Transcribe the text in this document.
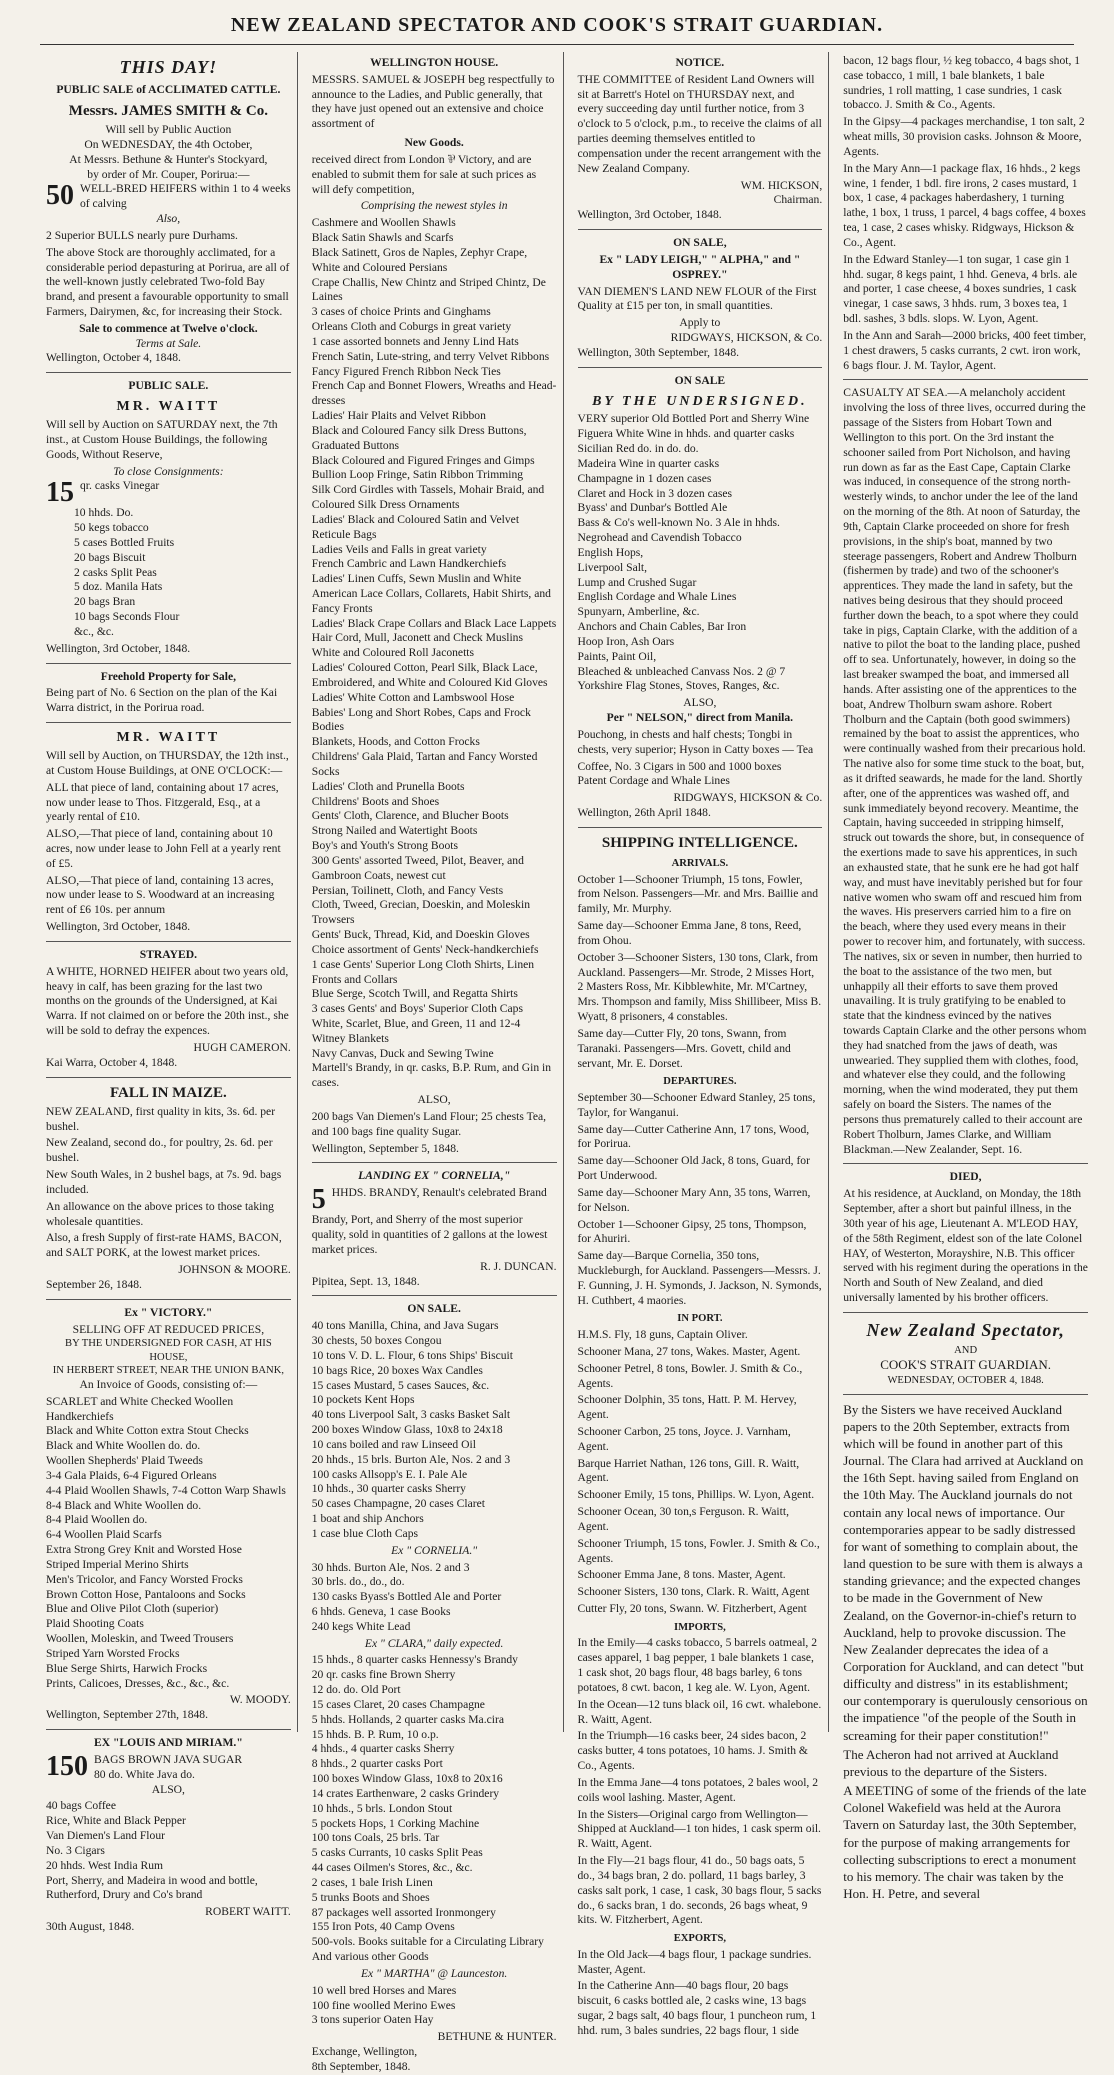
NEW ZEALAND SPECTATOR AND COOK'S STRAIT GUARDIAN.
THIS DAY!
PUBLIC SALE of ACCLIMATED CATTLE.
Messrs. JAMES SMITH & Co.
Will sell by Public Auction
On WEDNESDAY, the 4th October,
At Messrs. Bethune & Hunter's Stockyard,
by order of Mr. Couper, Porirua:—
50 WELL-BRED HEIFERS within 1 to 4 weeks of calving
Also,

2 Superior BULLS nearly pure Durhams.

The above Stock are thoroughly acclimated, for a considerable period depasturing at Porirua, are all of the well-known justly celebrated Two-fold Bay brand, and present a favourable opportunity to small Farmers, Dairymen, &c, for increasing their Stock.

Sale to commence at Twelve o'clock.
Terms at Sale.
Wellington, October 4, 1848.
PUBLIC SALE.
MR. WAITT

Will sell by Auction on SATURDAY next, the 7th inst., at Custom House Buildings, the following Goods, Without Reserve,

To close Consignments:
15 qr. casks Vinegar
10 hhds. Do.
50 kegs tobacco
5 cases Bottled Fruits
20 bags Biscuit
2 casks Split Peas
5 doz. Manila Hats
20 bags Bran
10 bags Seconds Flour
&c., &c.
Wellington, 3rd October, 1848.
Freehold Property for Sale,

Being part of No. 6 Section on the plan of the Kai Warra district, in the Porirua road.

MR. WAITT

Will sell by Auction, on THURSDAY, the 12th inst., at Custom House Buildings, at ONE O'CLOCK:—

ALL that piece of land, containing about 17 acres, now under lease to Thos. Fitzgerald, Esq., at a yearly rental of £10.

ALSO,—That piece of land, containing about 10 acres, now under lease to John Fell at a yearly rent of £5.

ALSO,—That piece of land, containing 13 acres, now under lease to S. Woodward at an increasing rent of £6 10s. per annum

Wellington, 3rd October, 1848.
STRAYED.

A WHITE, HORNED HEIFER about two years old, heavy in calf, has been grazing for the last two months on the grounds of the Undersigned, at Kai Warra. If not claimed on or before the 20th inst., she will be sold to defray the expences.

HUGH CAMERON.
Kai Warra, October 4, 1848.
FALL IN MAIZE.

NEW ZEALAND, first quality in kits, 3s. 6d. per bushel.

New Zealand, second do., for poultry, 2s. 6d. per bushel.

New South Wales, in 2 bushel bags, at 7s. 9d. bags included.

An allowance on the above prices to those taking wholesale quantities.

Also, a fresh Supply of first-rate HAMS, BACON, and SALT PORK, at the lowest market prices.

JOHNSON & MOORE.
September 26, 1848.
Ex " VICTORY."
SELLING OFF AT REDUCED PRICES,
BY THE UNDERSIGNED FOR CASH, AT HIS HOUSE,
IN HERBERT STREET, NEAR THE UNION BANK,
An Invoice of Goods, consisting of:—
SCARLET and White Checked Woollen Handkerchiefs
Black and White Cotton extra Stout Checks
Black and White Woollen do. do.
Woollen Shepherds' Plaid Tweeds
3-4 Gala Plaids, 6-4 Figured Orleans
4-4 Plaid Woollen Shawls, 7-4 Cotton Warp Shawls
8-4 Black and White Woollen do.
8-4 Plaid Woollen do.
6-4 Woollen Plaid Scarfs
Extra Strong Grey Knit and Worsted Hose
Striped Imperial Merino Shirts
Men's Tricolor, and Fancy Worsted Frocks
Brown Cotton Hose, Pantaloons and Socks
Blue and Olive Pilot Cloth (superior)
Plaid Shooting Coats
Woollen, Moleskin, and Tweed Trousers
Striped Yarn Worsted Frocks
Blue Serge Shirts, Harwich Frocks
Prints, Calicoes, Dresses, &c., &c., &c.
W. MOODY.
Wellington, September 27th, 1848.
EX "LOUIS AND MIRIAM."
150 BAGS BROWN JAVA SUGAR
80 do. White Java do.
ALSO,
40 bags Coffee
Rice, White and Black Pepper
Van Diemen's Land Flour
No. 3 Cigars
20 hhds. West India Rum
Port, Sherry, and Madeira in wood and bottle, Rutherford, Drury and Co's brand
ROBERT WAITT.
30th August, 1848.
WELLINGTON HOUSE.

MESSRS. SAMUEL & JOSEPH beg respectfully to announce to the Ladies, and Public generally, that they have just opened out an extensive and choice assortment of

New Goods.

received direct from London ⅌ Victory, and are enabled to submit them for sale at such prices as will defy competition,

Comprising the newest styles in
Cashmere and Woollen Shawls
Black Satin Shawls and Scarfs
Black Satinett, Gros de Naples, Zephyr Crape, White and Coloured Persians
Crape Challis, New Chintz and Striped Chintz, De Laines
3 cases of choice Prints and Ginghams
Orleans Cloth and Coburgs in great variety
1 case assorted bonnets and Jenny Lind Hats
French Satin, Lute-string, and terry Velvet Ribbons
Fancy Figured French Ribbon Neck Ties
French Cap and Bonnet Flowers, Wreaths and Head-dresses
Ladies' Hair Plaits and Velvet Ribbon
Black and Coloured Fancy silk Dress Buttons, Graduated Buttons
Black Coloured and Figured Fringes and Gimps
Bullion Loop Fringe, Satin Ribbon Trimming
Silk Cord Girdles with Tassels, Mohair Braid, and Coloured Silk Dress Ornaments
Ladies' Black and Coloured Satin and Velvet Reticule Bags
Ladies Veils and Falls in great variety
French Cambric and Lawn Handkerchiefs
Ladies' Linen Cuffs, Sewn Muslin and White American Lace Collars, Collarets, Habit Shirts, and Fancy Fronts
Ladies' Black Crape Collars and Black Lace Lappets
Hair Cord, Mull, Jaconett and Check Muslins
White and Coloured Roll Jaconetts
Ladies' Coloured Cotton, Pearl Silk, Black Lace, Embroidered, and White and Coloured Kid Gloves
Ladies' White Cotton and Lambswool Hose
Babies' Long and Short Robes, Caps and Frock Bodies
Blankets, Hoods, and Cotton Frocks
Childrens' Gala Plaid, Tartan and Fancy Worsted Socks
Ladies' Cloth and Prunella Boots
Childrens' Boots and Shoes
Gents' Cloth, Clarence, and Blucher Boots
Strong Nailed and Watertight Boots
Boy's and Youth's Strong Boots
300 Gents' assorted Tweed, Pilot, Beaver, and Gambroon Coats, newest cut
Persian, Toilinett, Cloth, and Fancy Vests
Cloth, Tweed, Grecian, Doeskin, and Moleskin Trowsers
Gents' Buck, Thread, Kid, and Doeskin Gloves
Choice assortment of Gents' Neck-handkerchiefs
1 case Gents' Superior Long Cloth Shirts, Linen Fronts and Collars
Blue Serge, Scotch Twill, and Regatta Shirts
3 cases Gents' and Boys' Superior Cloth Caps
White, Scarlet, Blue, and Green, 11 and 12-4 Witney Blankets
Navy Canvas, Duck and Sewing Twine
Martell's Brandy, in qr. casks, B.P. Rum, and Gin in cases.
ALSO,

200 bags Van Diemen's Land Flour; 25 chests Tea, and 100 bags fine quality Sugar.

Wellington, September 5, 1848.
LANDING EX " CORNELIA,"
5 HHDS. BRANDY, Renault's celebrated Brand

Brandy, Port, and Sherry of the most superior quality, sold in quantities of 2 gallons at the lowest market prices.

R. J. DUNCAN.
Pipitea, Sept. 13, 1848.
ON SALE.
40 tons Manilla, China, and Java Sugars
30 chests, 50 boxes Congou
10 tons V. D. L. Flour, 6 tons Ships' Biscuit
10 bags Rice, 20 boxes Wax Candles
15 cases Mustard, 5 cases Sauces, &c.
10 pockets Kent Hops
40 tons Liverpool Salt, 3 casks Basket Salt
200 boxes Window Glass, 10x8 to 24x18
10 cans boiled and raw Linseed Oil
20 hhds., 15 brls. Burton Ale, Nos. 2 and 3
100 casks Allsopp's E. I. Pale Ale
10 hhds., 30 quarter casks Sherry
50 cases Champagne, 20 cases Claret
1 boat and ship Anchors
1 case blue Cloth Caps
Ex " CORNELIA."
30 hhds. Burton Ale, Nos. 2 and 3
30 brls. do., do., do.
130 casks Byass's Bottled Ale and Porter
6 hhds. Geneva, 1 case Books
240 kegs White Lead
Ex " CLARA," daily expected.
15 hhds., 8 quarter casks Hennessy's Brandy
20 qr. casks fine Brown Sherry
12 do. do. Old Port
15 cases Claret, 20 cases Champagne
5 hhds. Hollands, 2 quarter casks Ma.cira
15 hhds. B. P. Rum, 10 o.p.
4 hhds., 4 quarter casks Sherry
8 hhds., 2 quarter casks Port
100 boxes Window Glass, 10x8 to 20x16
14 crates Earthenware, 2 casks Grindery
10 hhds., 5 brls. London Stout
5 pockets Hops, 1 Corking Machine
100 tons Coals, 25 brls. Tar
5 casks Currants, 10 casks Split Peas
44 cases Oilmen's Stores, &c., &c.
2 cases, 1 bale Irish Linen
5 trunks Boots and Shoes
87 packages well assorted Ironmongery
155 Iron Pots, 40 Camp Ovens
500-vols. Books suitable for a Circulating Library And various other Goods
Ex " MARTHA" @ Launceston.
10 well bred Horses and Mares
100 fine woolled Merino Ewes
3 tons superior Oaten Hay
BETHUNE & HUNTER.
Exchange, Wellington,
8th September, 1848.
NOTICE.

THE COMMITTEE of Resident Land Owners will sit at Barrett's Hotel on THURSDAY next, and every succeeding day until further notice, from 3 o'clock to 5 o'clock, p.m., to receive the claims of all parties deeming themselves entitled to compensation under the recent arrangement with the New Zealand Company.

WM. HICKSON,
Chairman.
Wellington, 3rd October, 1848.
ON SALE,
Ex " LADY LEIGH," " ALPHA," and " OSPREY."

VAN DIEMEN'S LAND NEW FLOUR of the First Quality at £15 per ton, in small quantities.

Apply to
RIDGWAYS, HICKSON, & Co.
Wellington, 30th September, 1848.
ON SALE
BY THE UNDERSIGNED.
VERY superior Old Bottled Port and Sherry Wine
Figuera White Wine in hhds. and quarter casks
Sicilian Red do. in do. do.
Madeira Wine in quarter casks
Champagne in 1 dozen cases
Claret and Hock in 3 dozen cases
Byass' and Dunbar's Bottled Ale
Bass & Co's well-known No. 3 Ale in hhds.
Negrohead and Cavendish Tobacco
English Hops,
Liverpool Salt,
Lump and Crushed Sugar
English Cordage and Whale Lines
Spunyarn, Amberline, &c.
Anchors and Chain Cables, Bar Iron
Hoop Iron, Ash Oars
Paints, Paint Oil,
Bleached & unbleached Canvass Nos. 2 @ 7
Yorkshire Flag Stones, Stoves, Ranges, &c.
ALSO,
Per " NELSON," direct from Manila.

Pouchong, in chests and half chests; Tongbi in chests, very superior; Hyson in Catty boxes — Tea

Coffee, No. 3 Cigars in 500 and 1000 boxes
Patent Cordage and Whale Lines
RIDGWAYS, HICKSON & Co.
Wellington, 26th April 1848.
SHIPPING INTELLIGENCE.
ARRIVALS.

October 1—Schooner Triumph, 15 tons, Fowler, from Nelson. Passengers—Mr. and Mrs. Baillie and family, Mr. Murphy.

Same day—Schooner Emma Jane, 8 tons, Reed, from Ohou.

October 3—Schooner Sisters, 130 tons, Clark, from Auckland. Passengers—Mr. Strode, 2 Misses Hort, 2 Masters Ross, Mr. Kibblewhite, Mr. M'Cartney, Mrs. Thompson and family, Miss Shillibeer, Miss B. Wyatt, 8 prisoners, 4 constables.

Same day—Cutter Fly, 20 tons, Swann, from Taranaki. Passengers—Mrs. Govett, child and servant, Mr. E. Dorset.

DEPARTURES.

September 30—Schooner Edward Stanley, 25 tons, Taylor, for Wanganui.

Same day—Cutter Catherine Ann, 17 tons, Wood, for Porirua.

Same day—Schooner Old Jack, 8 tons, Guard, for Port Underwood.

Same day—Schooner Mary Ann, 35 tons, Warren, for Nelson.

October 1—Schooner Gipsy, 25 tons, Thompson, for Ahuriri.

Same day—Barque Cornelia, 350 tons, Muckleburgh, for Auckland. Passengers—Messrs. J. F. Gunning, J. H. Symonds, J. Jackson, N. Symonds, H. Cuthbert, 4 maories.

IN PORT.

H.M.S. Fly, 18 guns, Captain Oliver.

Schooner Mana, 27 tons, Wakes. Master, Agent.

Schooner Petrel, 8 tons, Bowler. J. Smith & Co., Agents.

Schooner Dolphin, 35 tons, Hatt. P. M. Hervey, Agent.

Schooner Carbon, 25 tons, Joyce. J. Varnham, Agent.

Barque Harriet Nathan, 126 tons, Gill. R. Waitt, Agent.

Schooner Emily, 15 tons, Phillips. W. Lyon, Agent.

Schooner Ocean, 30 ton,s Ferguson. R. Waitt, Agent.

Schooner Triumph, 15 tons, Fowler. J. Smith & Co., Agents.

Schooner Emma Jane, 8 tons. Master, Agent.

Schooner Sisters, 130 tons, Clark. R. Waitt, Agent

Cutter Fly, 20 tons, Swann. W. Fitzherbert, Agent

IMPORTS,

In the Emily—4 casks tobacco, 5 barrels oatmeal, 2 cases apparel, 1 bag pepper, 1 bale blankets 1 case, 1 cask shot, 20 bags flour, 48 bags barley, 6 tons potatoes, 8 cwt. bacon, 1 keg ale. W. Lyon, Agent.

In the Ocean—12 tuns black oil, 16 cwt. whalebone. R. Waitt, Agent.

In the Triumph—16 casks beer, 24 sides bacon, 2 casks butter, 4 tons potatoes, 10 hams. J. Smith & Co., Agents.

In the Emma Jane—4 tons potatoes, 2 bales wool, 2 coils wool lashing. Master, Agent.

In the Sisters—Original cargo from Wellington—Shipped at Auckland—1 ton hides, 1 cask sperm oil. R. Waitt, Agent.

In the Fly—21 bags flour, 41 do., 50 bags oats, 5 do., 34 bags bran, 2 do. pollard, 11 bags barley, 3 casks salt pork, 1 case, 1 cask, 30 bags flour, 5 sacks do., 6 sacks bran, 1 do. seconds, 26 bags wheat, 9 kits. W. Fitzherbert, Agent.

EXPORTS,

In the Old Jack—4 bags flour, 1 package sundries. Master, Agent.

In the Catherine Ann—40 bags flour, 20 bags biscuit, 6 casks bottled ale, 2 casks wine, 13 bags sugar, 2 bags salt, 40 bags flour, 1 puncheon rum, 1 hhd. rum, 3 bales sundries, 22 bags flour, 1 side

bacon, 12 bags flour, ½ keg tobacco, 4 bags shot, 1 case tobacco, 1 mill, 1 bale blankets, 1 bale sundries, 1 roll matting, 1 case sundries, 1 cask tobacco. J. Smith & Co., Agents.

In the Gipsy—4 packages merchandise, 1 ton salt, 2 wheat mills, 30 provision casks. Johnson & Moore, Agents.

In the Mary Ann—1 package flax, 16 hhds., 2 kegs wine, 1 fender, 1 bdl. fire irons, 2 cases mustard, 1 box, 1 case, 4 packages haberdashery, 1 turning lathe, 1 box, 1 truss, 1 parcel, 4 bags coffee, 4 boxes tea, 1 case, 2 cases whisky. Ridgways, Hickson & Co., Agent.

In the Edward Stanley—1 ton sugar, 1 case gin 1 hhd. sugar, 8 kegs paint, 1 hhd. Geneva, 4 brls. ale and porter, 1 case cheese, 4 boxes sundries, 1 cask vinegar, 1 case saws, 3 hhds. rum, 3 boxes tea, 1 bdl. sashes, 3 bdls. slops. W. Lyon, Agent.

In the Ann and Sarah—2000 bricks, 400 feet timber, 1 chest drawers, 5 casks currants, 2 cwt. iron work, 6 bags flour. J. M. Taylor, Agent.

CASUALTY AT SEA.—A melancholy accident involving the loss of three lives, occurred during the passage of the Sisters from Hobart Town and Wellington to this port. On the 3rd instant the schooner sailed from Port Nicholson, and having run down as far as the East Cape, Captain Clarke was induced, in consequence of the strong north-westerly winds, to anchor under the lee of the land on the morning of the 8th. At noon of Saturday, the 9th, Captain Clarke proceeded on shore for fresh provisions, in the ship's boat, manned by two steerage passengers, Robert and Andrew Tholburn (fishermen by trade) and two of the schooner's apprentices. They made the land in safety, but the natives being desirous that they should proceed further down the beach, to a spot where they could take in pigs, Captain Clarke, with the addition of a native to pilot the boat to the landing place, pushed off to sea. Unfortunately, however, in doing so the last breaker swamped the boat, and immersed all hands. After assisting one of the apprentices to the boat, Andrew Tholburn swam ashore. Robert Tholburn and the Captain (both good swimmers) remained by the boat to assist the apprentices, who were continually washed from their precarious hold. The native also for some time stuck to the boat, but, as it drifted seawards, he made for the land. Shortly after, one of the apprentices was washed off, and sunk immediately beyond recovery. Meantime, the Captain, having succeeded in stripping himself, struck out towards the shore, but, in consequence of the exertions made to save his apprentices, in such an exhausted state, that he sunk ere he had got half way, and must have inevitably perished but for four native women who swam off and rescued him from the waves. His preservers carried him to a fire on the beach, where they used every means in their power to recover him, and fortunately, with success. The natives, six or seven in number, then hurried to the boat to the assistance of the two men, but unhappily all their efforts to save them proved unavailing. It is truly gratifying to be enabled to state that the kindness evinced by the natives towards Captain Clarke and the other persons whom they had snatched from the jaws of death, was unwearied. They supplied them with clothes, food, and whatever else they could, and the following morning, when the wind moderated, they put them safely on board the Sisters. The names of the persons thus prematurely called to their account are Robert Tholburn, James Clarke, and William Blackman.—New Zealander, Sept. 16.

DIED,

At his residence, at Auckland, on Monday, the 18th September, after a short but painful illness, in the 30th year of his age, Lieutenant A. M'LEOD HAY, of the 58th Regiment, eldest son of the late Colonel HAY, of Westerton, Morayshire, N.B. This officer served with his regiment during the operations in the North and South of New Zealand, and died universally lamented by his brother officers.

New Zealand Spectator,
AND
COOK'S STRAIT GUARDIAN.
WEDNESDAY, OCTOBER 4, 1848.

By the Sisters we have received Auckland papers to the 20th September, extracts from which will be found in another part of this Journal. The Clara had arrived at Auckland on the 16th Sept. having sailed from England on the 10th May. The Auckland journals do not contain any local news of importance. Our contemporaries appear to be sadly distressed for want of something to complain about, the land question to be sure with them is always a standing grievance; and the expected changes to be made in the Government of New Zealand, on the Governor-in-chief's return to Auckland, help to provoke discussion. The New Zealander deprecates the idea of a Corporation for Auckland, and can detect "but difficulty and distress" in its establishment; our contemporary is querulously censorious on the impatience "of the people of the South in screaming for their paper constitution!"

The Acheron had not arrived at Auckland previous to the departure of the Sisters.

A MEETING of some of the friends of the late Colonel Wakefield was held at the Aurora Tavern on Saturday last, the 30th September, for the purpose of making arrangements for collecting subscriptions to erect a monument to his memory. The chair was taken by the Hon. H. Petre, and several
